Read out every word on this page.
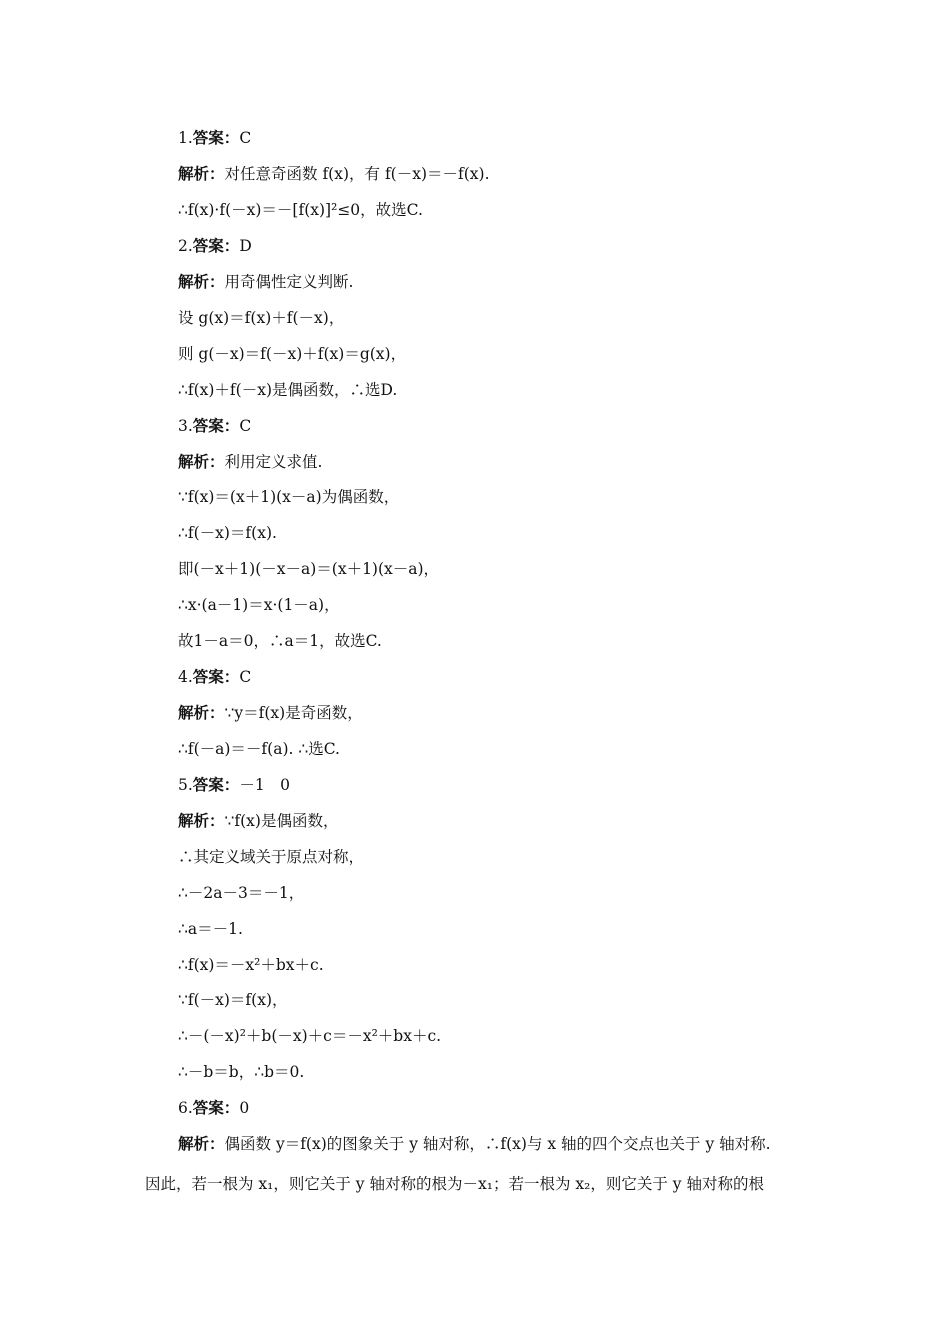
1.答案：C
解析：对任意奇函数 f(x)，有 f(－x)＝－f(x).
∴f(x)·f(－x)＝－[f(x)]²≤0，故选C.
2.答案：D
解析：用奇偶性定义判断.
设 g(x)＝f(x)＋f(－x)，
则 g(－x)＝f(－x)＋f(x)＝g(x)，
∴f(x)＋f(－x)是偶函数，∴选D.
3.答案：C
解析：利用定义求值.
∵f(x)＝(x＋1)(x－a)为偶函数，
∴f(－x)＝f(x).
即(－x＋1)(－x－a)＝(x＋1)(x－a)，
∴x·(a－1)＝x·(1－a)，
故1－a＝0，∴a＝1，故选C.
4.答案：C
解析：∵y＝f(x)是奇函数，
∴f(－a)＝－f(a). ∴选C.
5.答案：－1　0
解析：∵f(x)是偶函数，
∴其定义域关于原点对称，
∴－2a－3＝－1，
∴a＝－1.
∴f(x)＝－x²＋bx＋c.
∵f(－x)＝f(x)，
∴－(－x)²＋b(－x)＋c＝－x²＋bx＋c.
∴－b＝b，∴b＝0.
6.答案：0
解析：偶函数 y＝f(x)的图象关于 y 轴对称，∴f(x)与 x 轴的四个交点也关于 y 轴对称.
因此，若一根为 x₁，则它关于 y 轴对称的根为－x₁；若一根为 x₂，则它关于 y 轴对称的根
